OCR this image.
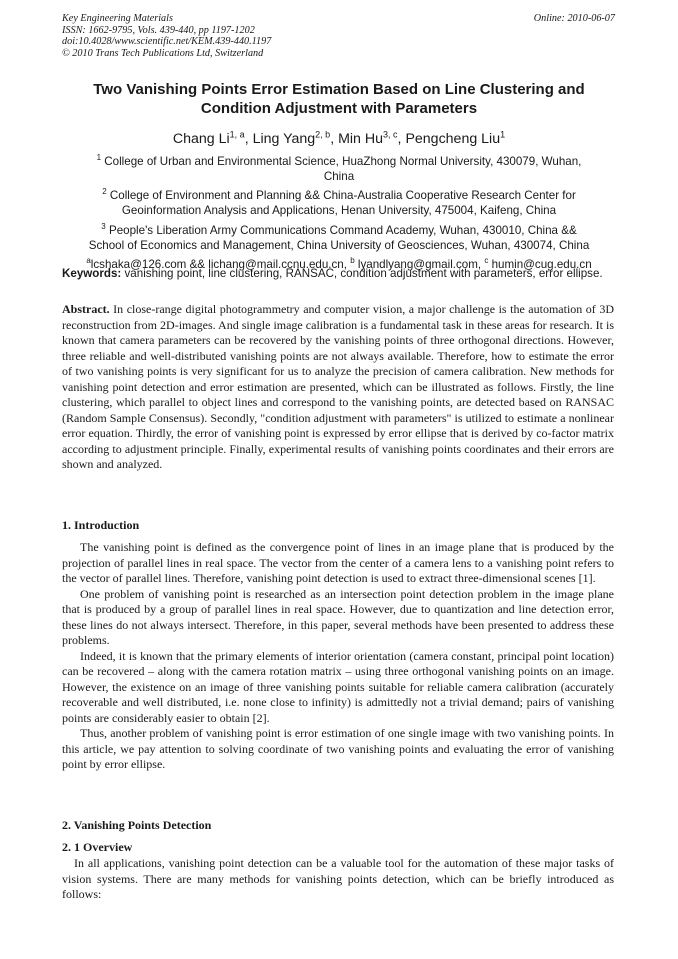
Key Engineering Materials
ISSN: 1662-9795, Vols. 439-440, pp 1197-1202
doi:10.4028/www.scientific.net/KEM.439-440.1197
© 2010 Trans Tech Publications Ltd, Switzerland
Online: 2010-06-07
Two Vanishing Points Error Estimation Based on Line Clustering and
Condition Adjustment with Parameters
Chang Li$^{1, a}$, Ling Yang$^{2, b}$, Min Hu$^{3, c}$, Pengcheng Liu$^1$
$^1$ College of Urban and Environmental Science, HuaZhong Normal University, 430079, Wuhan,
China
$^2$ College of Environment and Planning && China-Australia Cooperative Research Center for
Geoinformation Analysis and Applications, Henan University, 475004, Kaifeng, China
$^3$ People's Liberation Army Communications Command Academy, Wuhan, 430010, China &&
School of Economics and Management, China University of Geosciences, Wuhan, 430074, China
$^a$lcshaka@126.com && lichang@mail.ccnu.edu.cn, $^b$ lyandlyang@gmail.com, $^c$ humin@cug.edu.cn
Keywords: vanishing point, line clustering, RANSAC, condition adjustment with parameters, error ellipse.
Abstract. In close-range digital photogrammetry and computer vision, a major challenge is the automation of 3D reconstruction from 2D-images. And single image calibration is a fundamental task in these areas for research. It is known that camera parameters can be recovered by the vanishing points of three orthogonal directions. However, three reliable and well-distributed vanishing points are not always available. Therefore, how to estimate the error of two vanishing points is very significant for us to analyze the precision of camera calibration. New methods for vanishing point detection and error estimation are presented, which can be illustrated as follows. Firstly, the line clustering, which parallel to object lines and correspond to the vanishing points, are detected based on RANSAC (Random Sample Consensus). Secondly, "condition adjustment with parameters" is utilized to estimate a nonlinear error equation. Thirdly, the error of vanishing point is expressed by error ellipse that is derived by co-factor matrix according to adjustment principle. Finally, experimental results of vanishing points coordinates and their errors are shown and analyzed.
1. Introduction

The vanishing point is defined as the convergence point of lines in an image plane that is produced by the projection of parallel lines in real space. The vector from the center of a camera lens to a vanishing point refers to the vector of parallel lines. Therefore, vanishing point detection is used to extract three-dimensional scenes [1].

One problem of vanishing point is researched as an intersection point detection problem in the image plane that is produced by a group of parallel lines in real space. However, due to quantization and line detection error, these lines do not always intersect. Therefore, in this paper, several methods have been presented to address these problems.

Indeed, it is known that the primary elements of interior orientation (camera constant, principal point location) can be recovered – along with the camera rotation matrix – using three orthogonal vanishing points on an image. However, the existence on an image of three vanishing points suitable for reliable camera calibration (accurately recoverable and well distributed, i.e. none close to infinity) is admittedly not a trivial demand; pairs of vanishing points are considerably easier to obtain [2].

Thus, another problem of vanishing point is error estimation of one single image with two vanishing points. In this article, we pay attention to solving coordinate of two vanishing points and evaluating the error of vanishing point by error ellipse.

2. Vanishing Points Detection
2. 1 Overview
In all applications, vanishing point detection can be a valuable tool for the automation of these major tasks of vision systems. There are many methods for vanishing points detection, which can be briefly introduced as follows:
